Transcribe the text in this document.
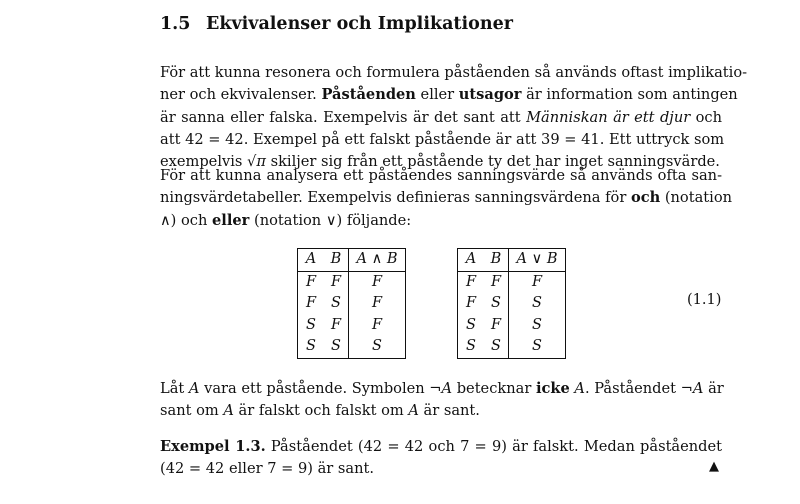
1.5 Ekvivalenser och Implikationer
För att kunna resonera och formulera påståenden så används oftast implikatio-
ner och ekvivalenser. Påståenden eller utsagor är information som antingen
är sanna eller falska. Exempelvis är det sant att Människan är ett djur och
att 42 = 42. Exempel på ett falskt påstående är att 39 = 41. Ett uttryck som
exempelvis √π skiljer sig från ett påstående ty det har inget sanningsvärde.
För att kunna analysera ett påståendes sanningsvärde så används ofta san-
ningsvärdetabeller. Exempelvis definieras sanningsvärdena för och (notation
∧) och eller (notation ∨) följande:
A	B	A ∧ B
F	F	F
F	S	F
S	F	F
S	S	S
A	B	A ∨ B
F	F	F
F	S	S
S	F	S
S	S	S
(1.1)
Låt A vara ett påstående. Symbolen ¬A betecknar icke A. Påståendet ¬A är
sant om A är falskt och falskt om A är sant.
Exempel 1.3. Påståendet (42 = 42 och 7 = 9) är falskt. Medan påståendet
(42 = 42 eller 7 = 9) är sant.	▲
